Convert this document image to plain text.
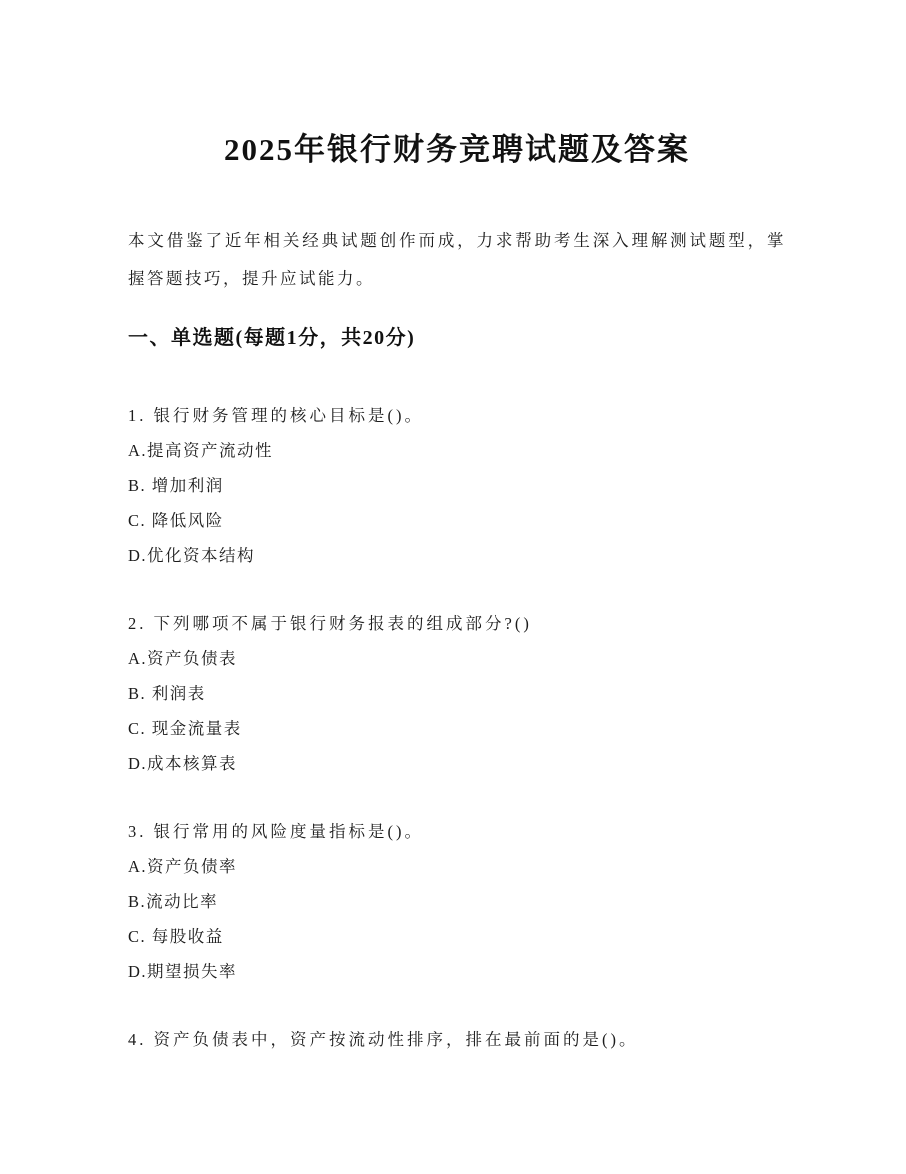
2025年银行财务竞聘试题及答案

本文借鉴了近年相关经典试题创作而成，力求帮助考生深入理解测试题型，掌握答题技巧，提升应试能力。

一、单选题(每题1分，共20分)

1. 银行财务管理的核心目标是()。

A.提高资产流动性

B. 增加利润

C. 降低风险

D.优化资本结构

2. 下列哪项不属于银行财务报表的组成部分?()

A.资产负债表

B. 利润表

C. 现金流量表

D.成本核算表

3. 银行常用的风险度量指标是()。

A.资产负债率

B.流动比率

C. 每股收益

D.期望损失率

4. 资产负债表中，资产按流动性排序，排在最前面的是()。
